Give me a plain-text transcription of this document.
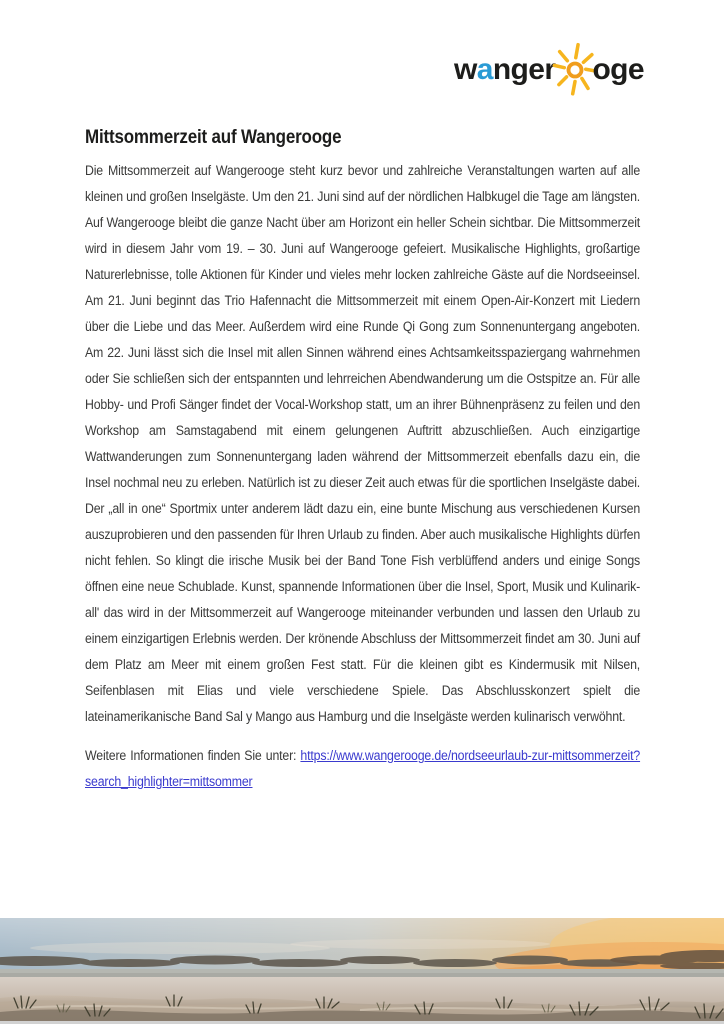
w a nger oge
Mittsommerzeit auf Wangerooge

Die Mittsommerzeit auf Wangerooge steht kurz bevor und zahlreiche Veranstaltungen warten auf alle kleinen und großen Inselgäste. Um den 21. Juni sind auf der nördlichen Halbkugel die Tage am längsten. Auf Wangerooge bleibt die ganze Nacht über am Horizont ein heller Schein sichtbar. Die Mittsommerzeit wird in diesem Jahr vom 19. – 30. Juni auf Wangerooge gefeiert. Musikalische Highlights, großartige Naturerlebnisse, tolle Aktionen für Kinder und vieles mehr locken zahlreiche Gäste auf die Nordseeinsel. Am 21. Juni beginnt das Trio Hafennacht die Mittsommerzeit mit einem Open-Air-Konzert mit Liedern über die Liebe und das Meer. Außerdem wird eine Runde Qi Gong zum Sonnenuntergang angeboten. Am 22. Juni lässt sich die Insel mit allen Sinnen während eines Achtsamkeitsspaziergang wahrnehmen oder Sie schließen sich der entspannten und lehrreichen Abendwanderung um die Ostspitze an. Für alle Hobby- und Profi Sänger findet der Vocal-Workshop statt, um an ihrer Bühnenpräsenz zu feilen und den Workshop am Samstagabend mit einem gelungenen Auftritt abzuschließen. Auch einzigartige Wattwanderungen zum Sonnenuntergang laden während der Mittsommerzeit ebenfalls dazu ein, die Insel nochmal neu zu erleben. Natürlich ist zu dieser Zeit auch etwas für die sportlichen Inselgäste dabei. Der „all in one“ Sportmix unter anderem lädt dazu ein, eine bunte Mischung aus verschiedenen Kursen auszuprobieren und den passenden für Ihren Urlaub zu finden. Aber auch musikalische Highlights dürfen nicht fehlen. So klingt die irische Musik bei der Band Tone Fish verblüffend anders und einige Songs öffnen eine neue Schublade. Kunst, spannende Informationen über die Insel, Sport, Musik und Kulinarik- all' das wird in der Mittsommerzeit auf Wangerooge miteinander verbunden und lassen den Urlaub zu einem einzigartigen Erlebnis werden. Der krönende Abschluss der Mittsommerzeit findet am 30. Juni auf dem Platz am Meer mit einem großen Fest statt. Für die kleinen gibt es Kindermusik mit Nilsen, Seifenblasen mit Elias und viele verschiedene Spiele. Das Abschlusskonzert spielt die lateinamerikanische Band Sal y Mango aus Hamburg und die Inselgäste werden kulinarisch verwöhnt.

Weitere Informationen finden Sie unter: https://www.wangerooge.de/nordseeurlaub-zur-mittsommerzeit?search_highlighter=mittsommer
